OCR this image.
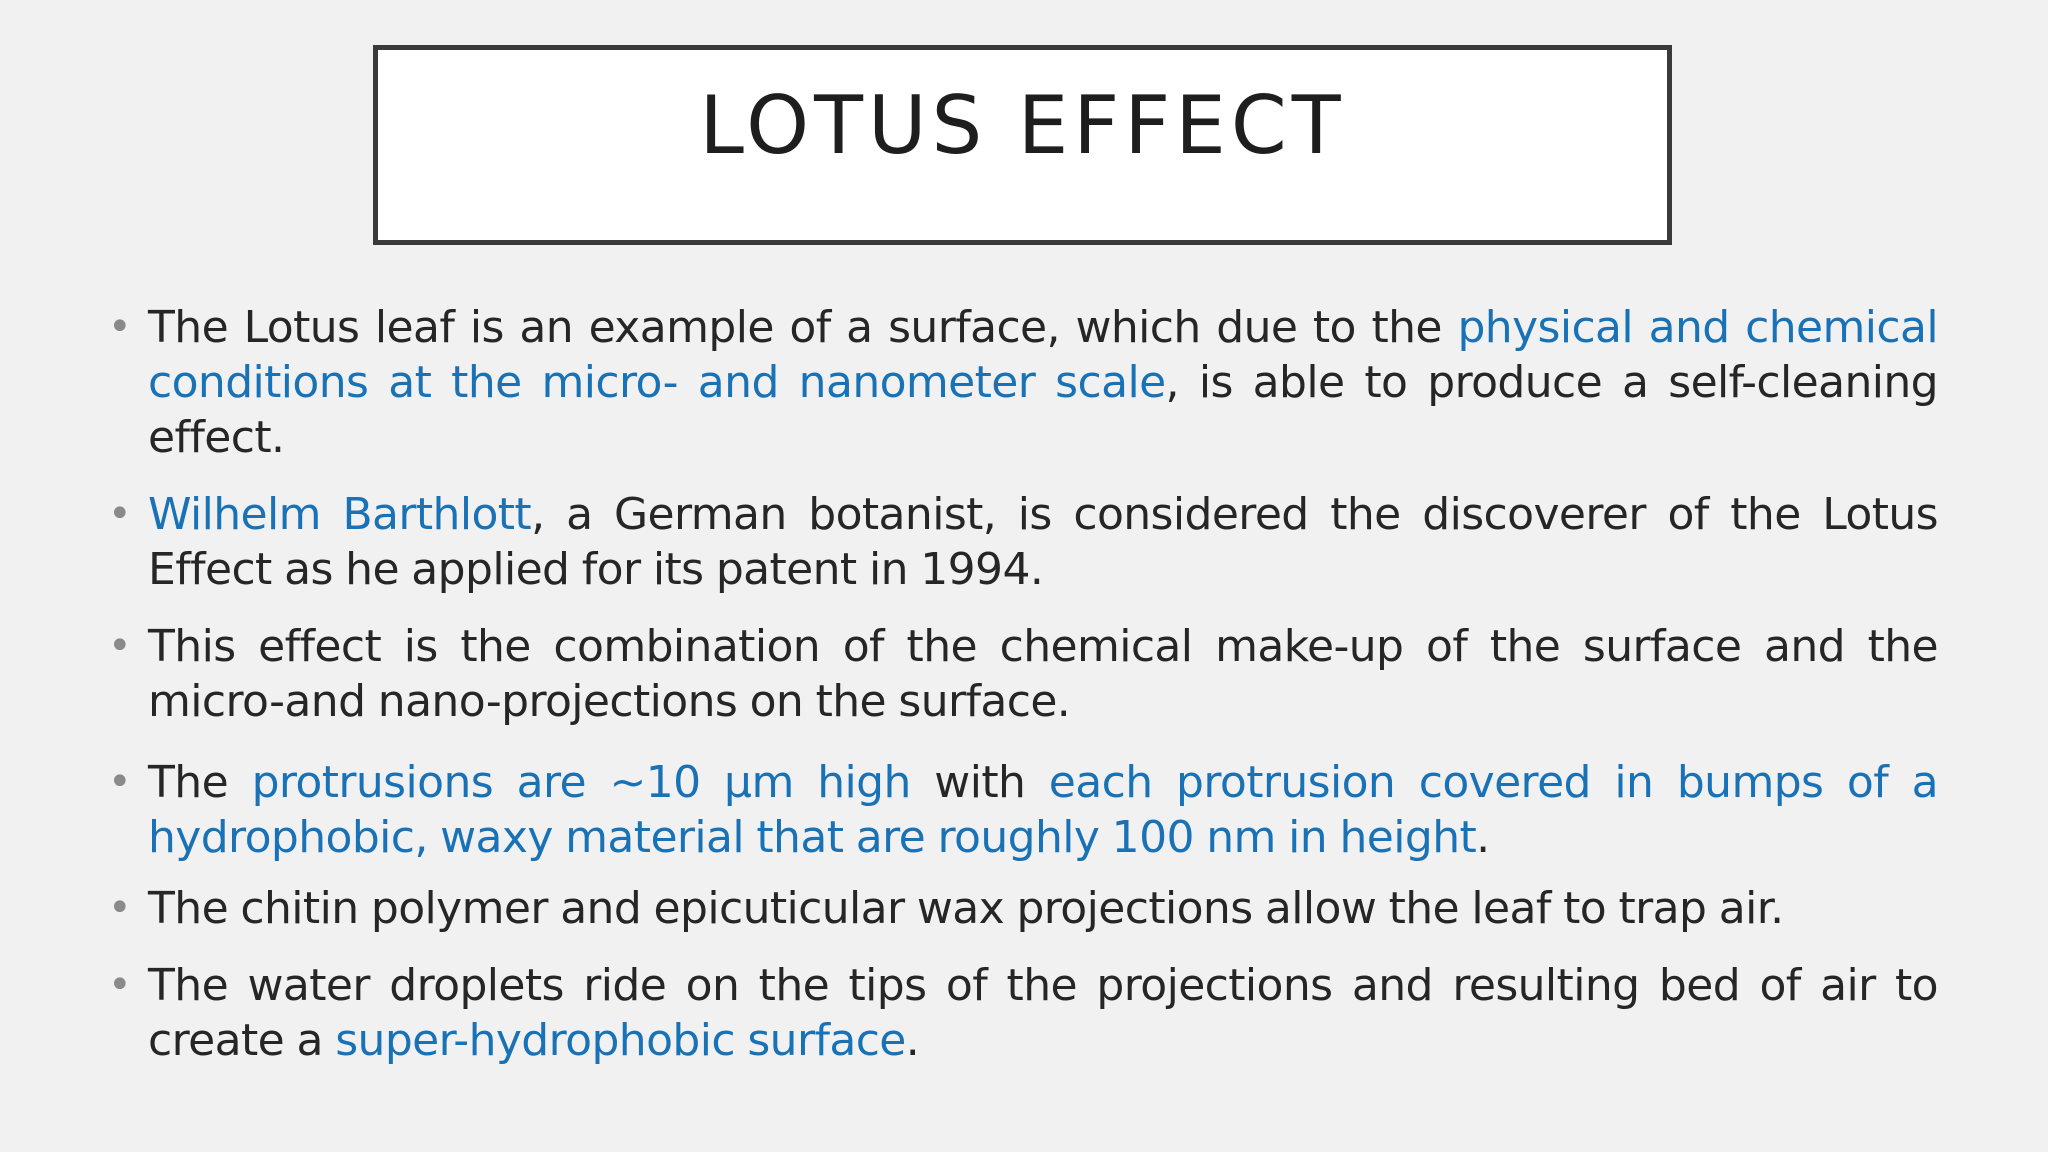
LOTUS EFFECT
• The Lotus leaf is an example of a surface, which due to the physical and chemical conditions at the micro- and nanometer scale, is able to produce a self-cleaning effect.
• Wilhelm Barthlott, a German botanist, is considered the discoverer of the Lotus Effect as he applied for its patent in 1994.
• This effect is the combination of the chemical make-up of the surface and the micro-and nano-projections on the surface.
• The protrusions are ~10 µm high with each protrusion covered in bumps of a hydrophobic, waxy material that are roughly 100 nm in height.
• The chitin polymer and epicuticular wax projections allow the leaf to trap air.
• The water droplets ride on the tips of the projections and resulting bed of air to create a super-hydrophobic surface.
